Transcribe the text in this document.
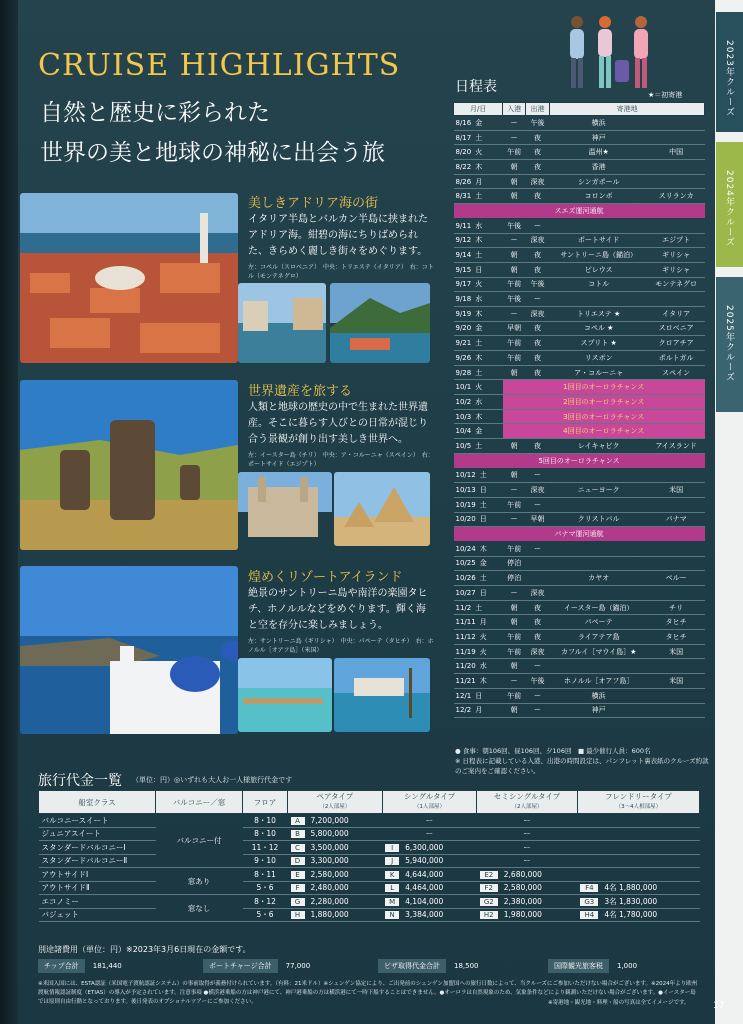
2023年クルーズ
2024年クルーズ
2025年クルーズ
CRUISE HIGHLIGHTS
自然と歴史に彩られた
世界の美と地球の神秘に出会う旅
美しきアドリア海の街
イタリア半島とバルカン半島に挟まれたアドリア海。紺碧の海にちりばめられた、きらめく麗しき街々をめぐります。
左：コペル（スロベニア）　中央：トリエステ（イタリア）　右：コトル（モンテネグロ）
世界遺産を旅する
人類と地球の歴史の中で生まれた世界遺産。そこに暮らす人びとの日常が混じり合う景観が創り出す美しき世界へ。
左：イースター島（チリ）　中央：ア・コルーニャ（スペイン）　右：ポートサイド（エジプト）
煌めくリゾートアイランド
絶景のサントリーニ島や南洋の楽園タヒチ、ホノルルなどをめぐります。輝く海と空を存分に楽しみましょう。
左：サントリーニ島（ギリシャ）　中央：パペーテ（タヒチ）　右：ホノルル［オアフ島］（米国）
日程表	★＝初寄港
月/日	入港	出港	寄港地	
8/16 金	ー	午後	横浜	
8/17 土	ー	夜	神戸	
8/20 火	午前	夜	温州★	中国
8/22 木	朝	夜	香港	
8/26 月	朝	深夜	シンガポール	
8/31 土	朝	夜	コロンボ	スリランカ
スエズ運河通航				
9/11 水	午後	ー		
9/12 木	ー	深夜	ポートサイド	エジプト
9/14 土	朝	夜	サントリーニ島（錨泊）	ギリシャ
9/15 日	朝	夜	ピレウス	ギリシャ
9/17 火	午前	午後	コトル	モンテネグロ
9/18 水	午後	ー		
9/19 木	ー	深夜	トリエステ ★	イタリア
9/20 金	早朝	夜	コペル ★	スロベニア
9/21 土	午前	夜	スプリト ★	クロアチア
9/26 木	午前	夜	リスボン	ポルトガル
9/28 土	朝	夜	ア・コルーニャ	スペイン
10/1 火	1回目のオーロラチャンス			
10/2 水	2回目のオーロラチャンス			
10/3 木	3回目のオーロラチャンス			
10/4 金	4回目のオーロラチャンス			
10/5 土	朝	夜	レイキャビク	アイスランド
5回目のオーロラチャンス				
10/12 土	朝	ー		
10/13 日	ー	深夜	ニューヨーク	米国
10/19 土	午前	ー		
10/20 日	ー	早朝	クリストバル	パナマ
パナマ運河通航				
10/24 木	午前	ー		
10/25 金	停泊			
10/26 土	停泊		カヤオ	ペルー
10/27 日	ー	深夜		
11/2 土	朝	夜	イースター島（錨泊）	チリ
11/11 月	朝	夜	パペーテ	タヒチ
11/12 火	午前	夜	ライアテア島	タヒチ
11/19 火	午前	深夜	カフルイ［マウイ島］★	米国
11/20 水	朝	ー		
11/21 木	ー	午後	ホノルル［オアフ島］	米国
12/1 日	午前	ー	横浜	
12/2 月	朝	ー	神戸	
● 食事：朝106回、昼106回、夕106回　■ 最少催行人員：600名
※ 日程表に記載している入港、出港の時間設定は、パンフレット裏表紙のクルーズ約款のご案内をご確認ください。
旅行代金一覧 （単位：円）◎いずれも大人お一人様旅行代金です
船室クラス	バルコニー／窓	フロア	ペアタイプ
（2人部屋）	シングルタイプ
（1人部屋）	セミシングルタイプ
（2人部屋）	フレンドリータイプ
（3～4人相部屋）
バルコニースイート	バルコニー付	8・10	A 7,200,000	ー	ー	
ジュニアスイート		8・10	B 5,800,000	ー	ー	
スタンダードバルコニーⅠ		11・12	C 3,500,000	I 6,300,000	ー	
スタンダードバルコニーⅡ		9・10	D 3,300,000	J 5,940,000	ー	
アウトサイドⅠ	窓あり	8・11	E 2,580,000	K 4,644,000	E2 2,680,000	
アウトサイドⅡ		5・6	F 2,480,000	L 4,464,000	F2 2,580,000	F4 4名 1,880,000
エコノミー	窓なし	8・12	G 2,280,000	M 4,104,000	G2 2,380,000	G3 3名 1,830,000
バジェット		5・6	H 1,880,000	N 3,384,000	H2 1,980,000	H4 4名 1,780,000
別途諸費用（単位：円）※2023年3月6日現在の金額です。
チップ合計	181,440	ポートチャージ合計	77,000	ビザ取得代金合計	18,500	国際観光旅客税	1,000
※米国入国には、ESTA認証（米国電子渡航認証システム）の事前取得が義務付けられています。（有料：21米ドル）※シェンゲン協定により、ご出発前のシェンゲン加盟国への旅行日数によって、当クルーズにご参加いただけない場合がございます。※2024年より欧州渡航情報認証制度（ETIAS）の導入が予定されています。注意事項 ●横浜港乗船の方は神戸港にて、神戸港乗船の方は横浜港にて一時下船することはできません。●オーロラは自然現象のため、気象条件などにより観測いただけない場合がございます。●イースター島では原則自由行動となっております。後日発表のオプショナルツアーにご参加ください。	※寄港地・観光地・料理・船の写真は全てイメージです。	17
